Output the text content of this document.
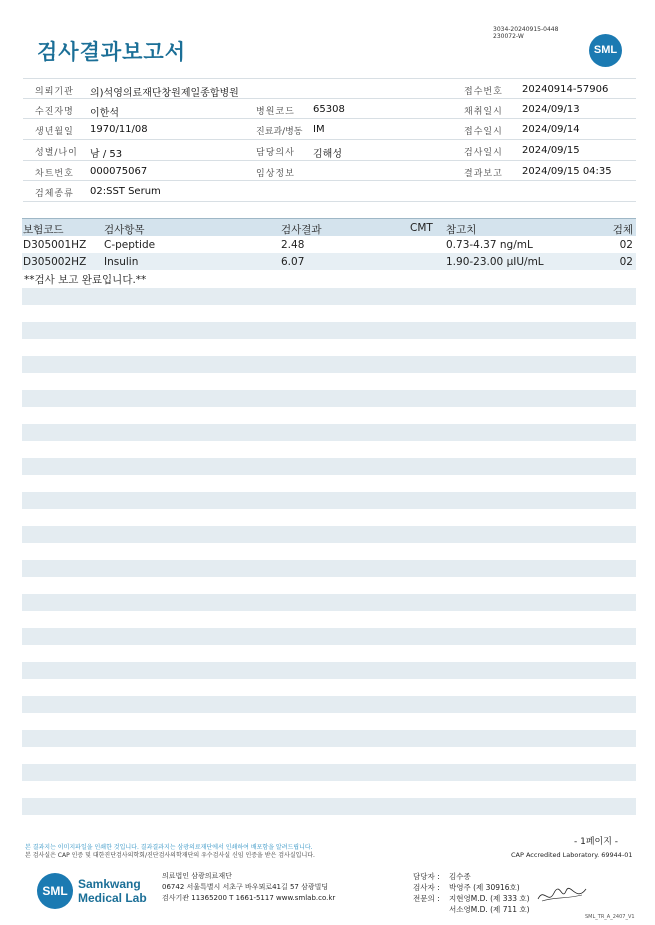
검사결과보고서
3034-20240915-0448
230072-W
SML
의뢰기관 의)석영의료재단창원제일종합병원	접수번호 20240914-57906
수진자명 이한석	병원코드 65308	채취일시 2024/09/13
생년월일 1970/11/08	진료과/병동 IM	접수일시 2024/09/14
성별/나이 남 / 53	담당의사 김해성	검사일시 2024/09/15
차트번호 000075067	임상정보	결과보고 2024/09/15 04:35
검체종류 02:SST Serum
보험코드	검사항목	검사결과	CMT 참고치	검체
D305001HZ C-peptide	2.48	0.73-4.37 ng/mL	02
D305002HZ Insulin	6.07	1.90-23.00 μIU/mL	02
**검사 보고 완료입니다.**
본 결과지는 이미지파일을 인쇄한 것입니다. 결과결과지는 삼광의료재단에서 인쇄하여 배포함을 알려드립니다.
본 검사실은 CAP 인증 및 대한진단검사의학회/진단검사의학재단의 우수검사실 신임 인증을 받은 검사실입니다.
- 1페이지 -
CAP Accredited Laboratory. 69944-01
SML Samkwang
Medical Lab
의료법인 삼광의료재단
06742 서울특별시 서초구 바우뫼로41길 57 삼광빌딩
검사기관 11365200 T 1661-5117 www.smlab.co.kr
담당자 : 김수종
검사자 : 박영주 (제 30916호)
전문의 : 지현영M.D. (제 333 호)
서소영M.D. (제 711 호)
SML_TR_A_2407_V1
